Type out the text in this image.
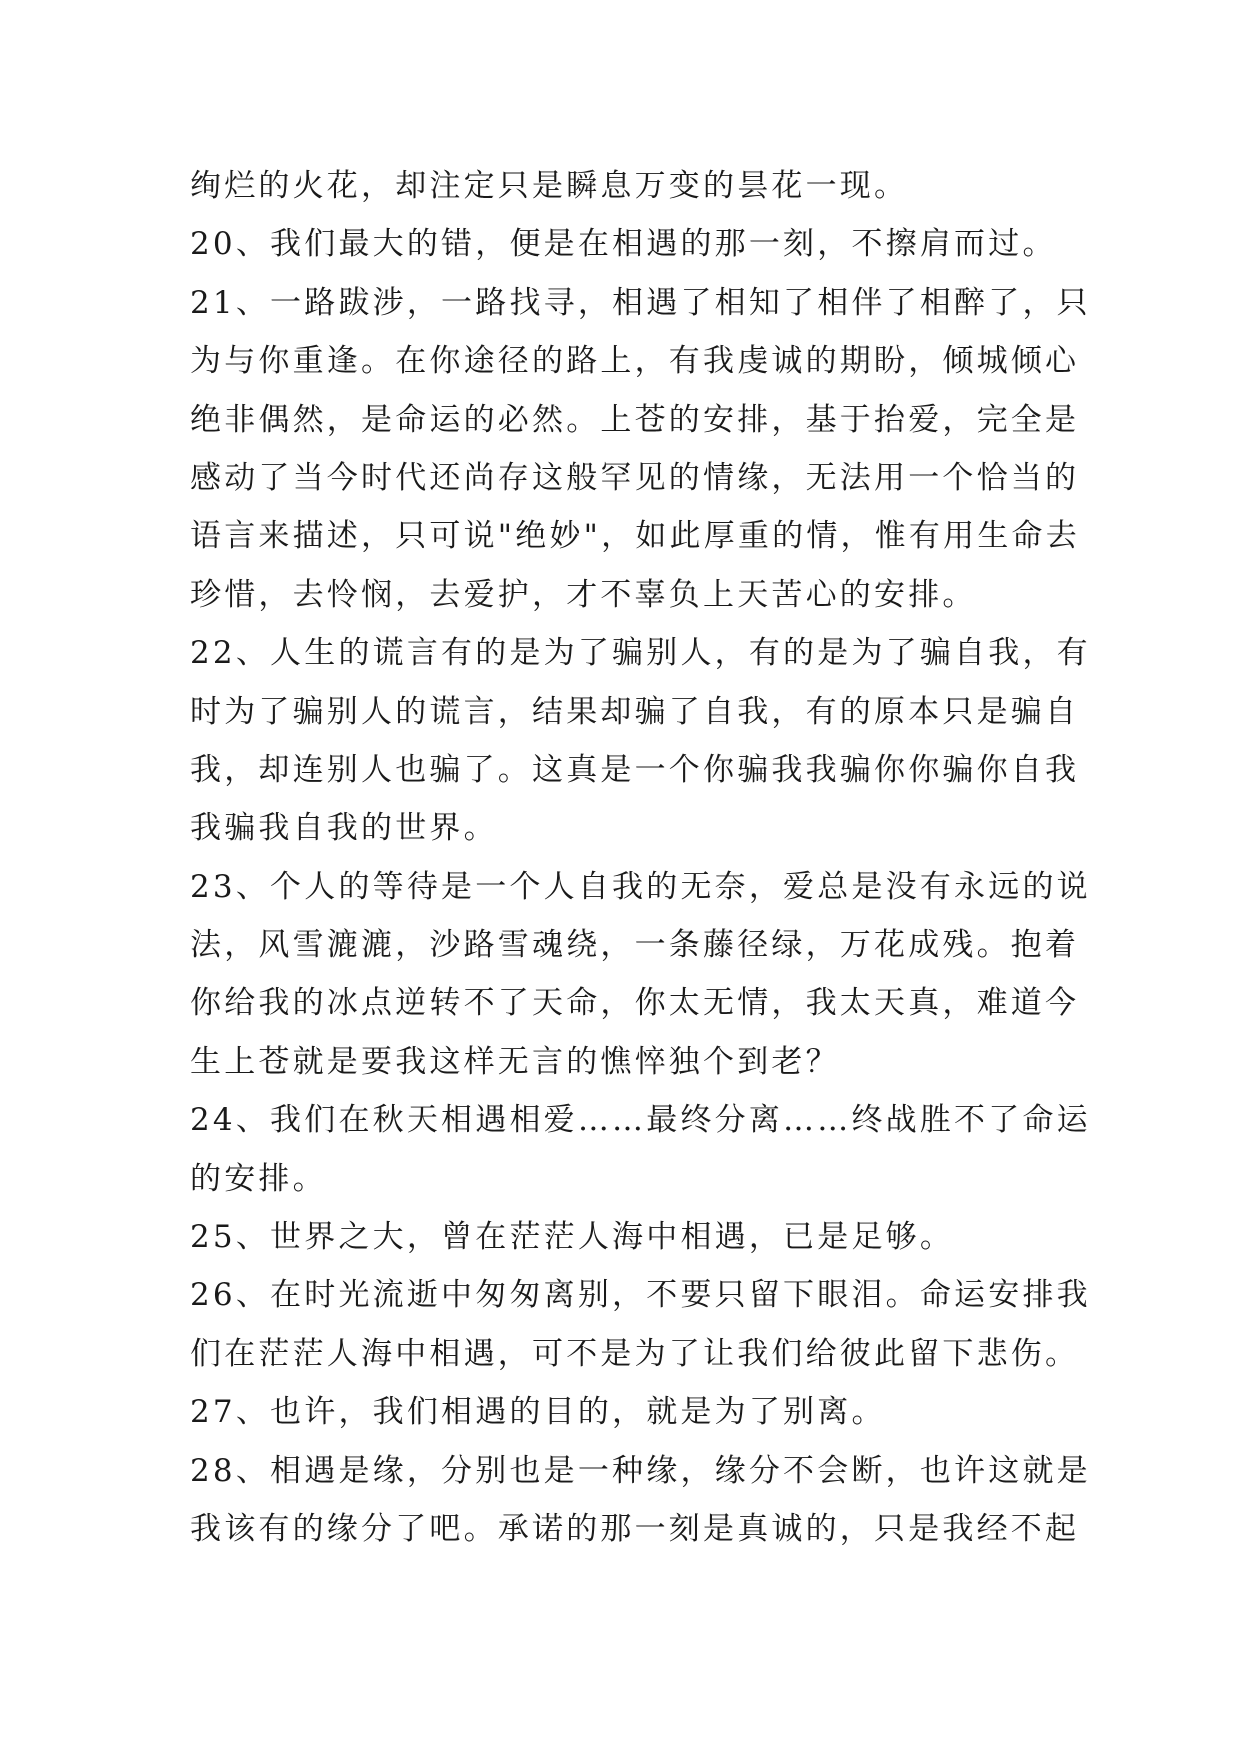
绚烂的火花，却注定只是瞬息万变的昙花一现。
20、我们最大的错，便是在相遇的那一刻，不擦肩而过。
21、一路跋涉，一路找寻，相遇了相知了相伴了相醉了，只
为与你重逢。在你途径的路上，有我虔诚的期盼，倾城倾心
绝非偶然，是命运的必然。上苍的安排，基于抬爱，完全是
感动了当今时代还尚存这般罕见的情缘，无法用一个恰当的
语言来描述，只可说"绝妙"，如此厚重的情，惟有用生命去
珍惜，去怜悯，去爱护，才不辜负上天苦心的安排。
22、人生的谎言有的是为了骗别人，有的是为了骗自我，有
时为了骗别人的谎言，结果却骗了自我，有的原本只是骗自
我，却连别人也骗了。这真是一个你骗我我骗你你骗你自我
我骗我自我的世界。
23、个人的等待是一个人自我的无奈，爱总是没有永远的说
法，风雪漉漉，沙路雪魂绕，一条藤径绿，万花成残。抱着
你给我的冰点逆转不了天命，你太无情，我太天真，难道今
生上苍就是要我这样无言的憔悴独个到老？
24、我们在秋天相遇相爱……最终分离……终战胜不了命运
的安排。
25、世界之大，曾在茫茫人海中相遇，已是足够。
26、在时光流逝中匆匆离别，不要只留下眼泪。命运安排我
们在茫茫人海中相遇，可不是为了让我们给彼此留下悲伤。
27、也许，我们相遇的目的，就是为了别离。
28、相遇是缘，分别也是一种缘，缘分不会断，也许这就是
我该有的缘分了吧。承诺的那一刻是真诚的，只是我经不起
